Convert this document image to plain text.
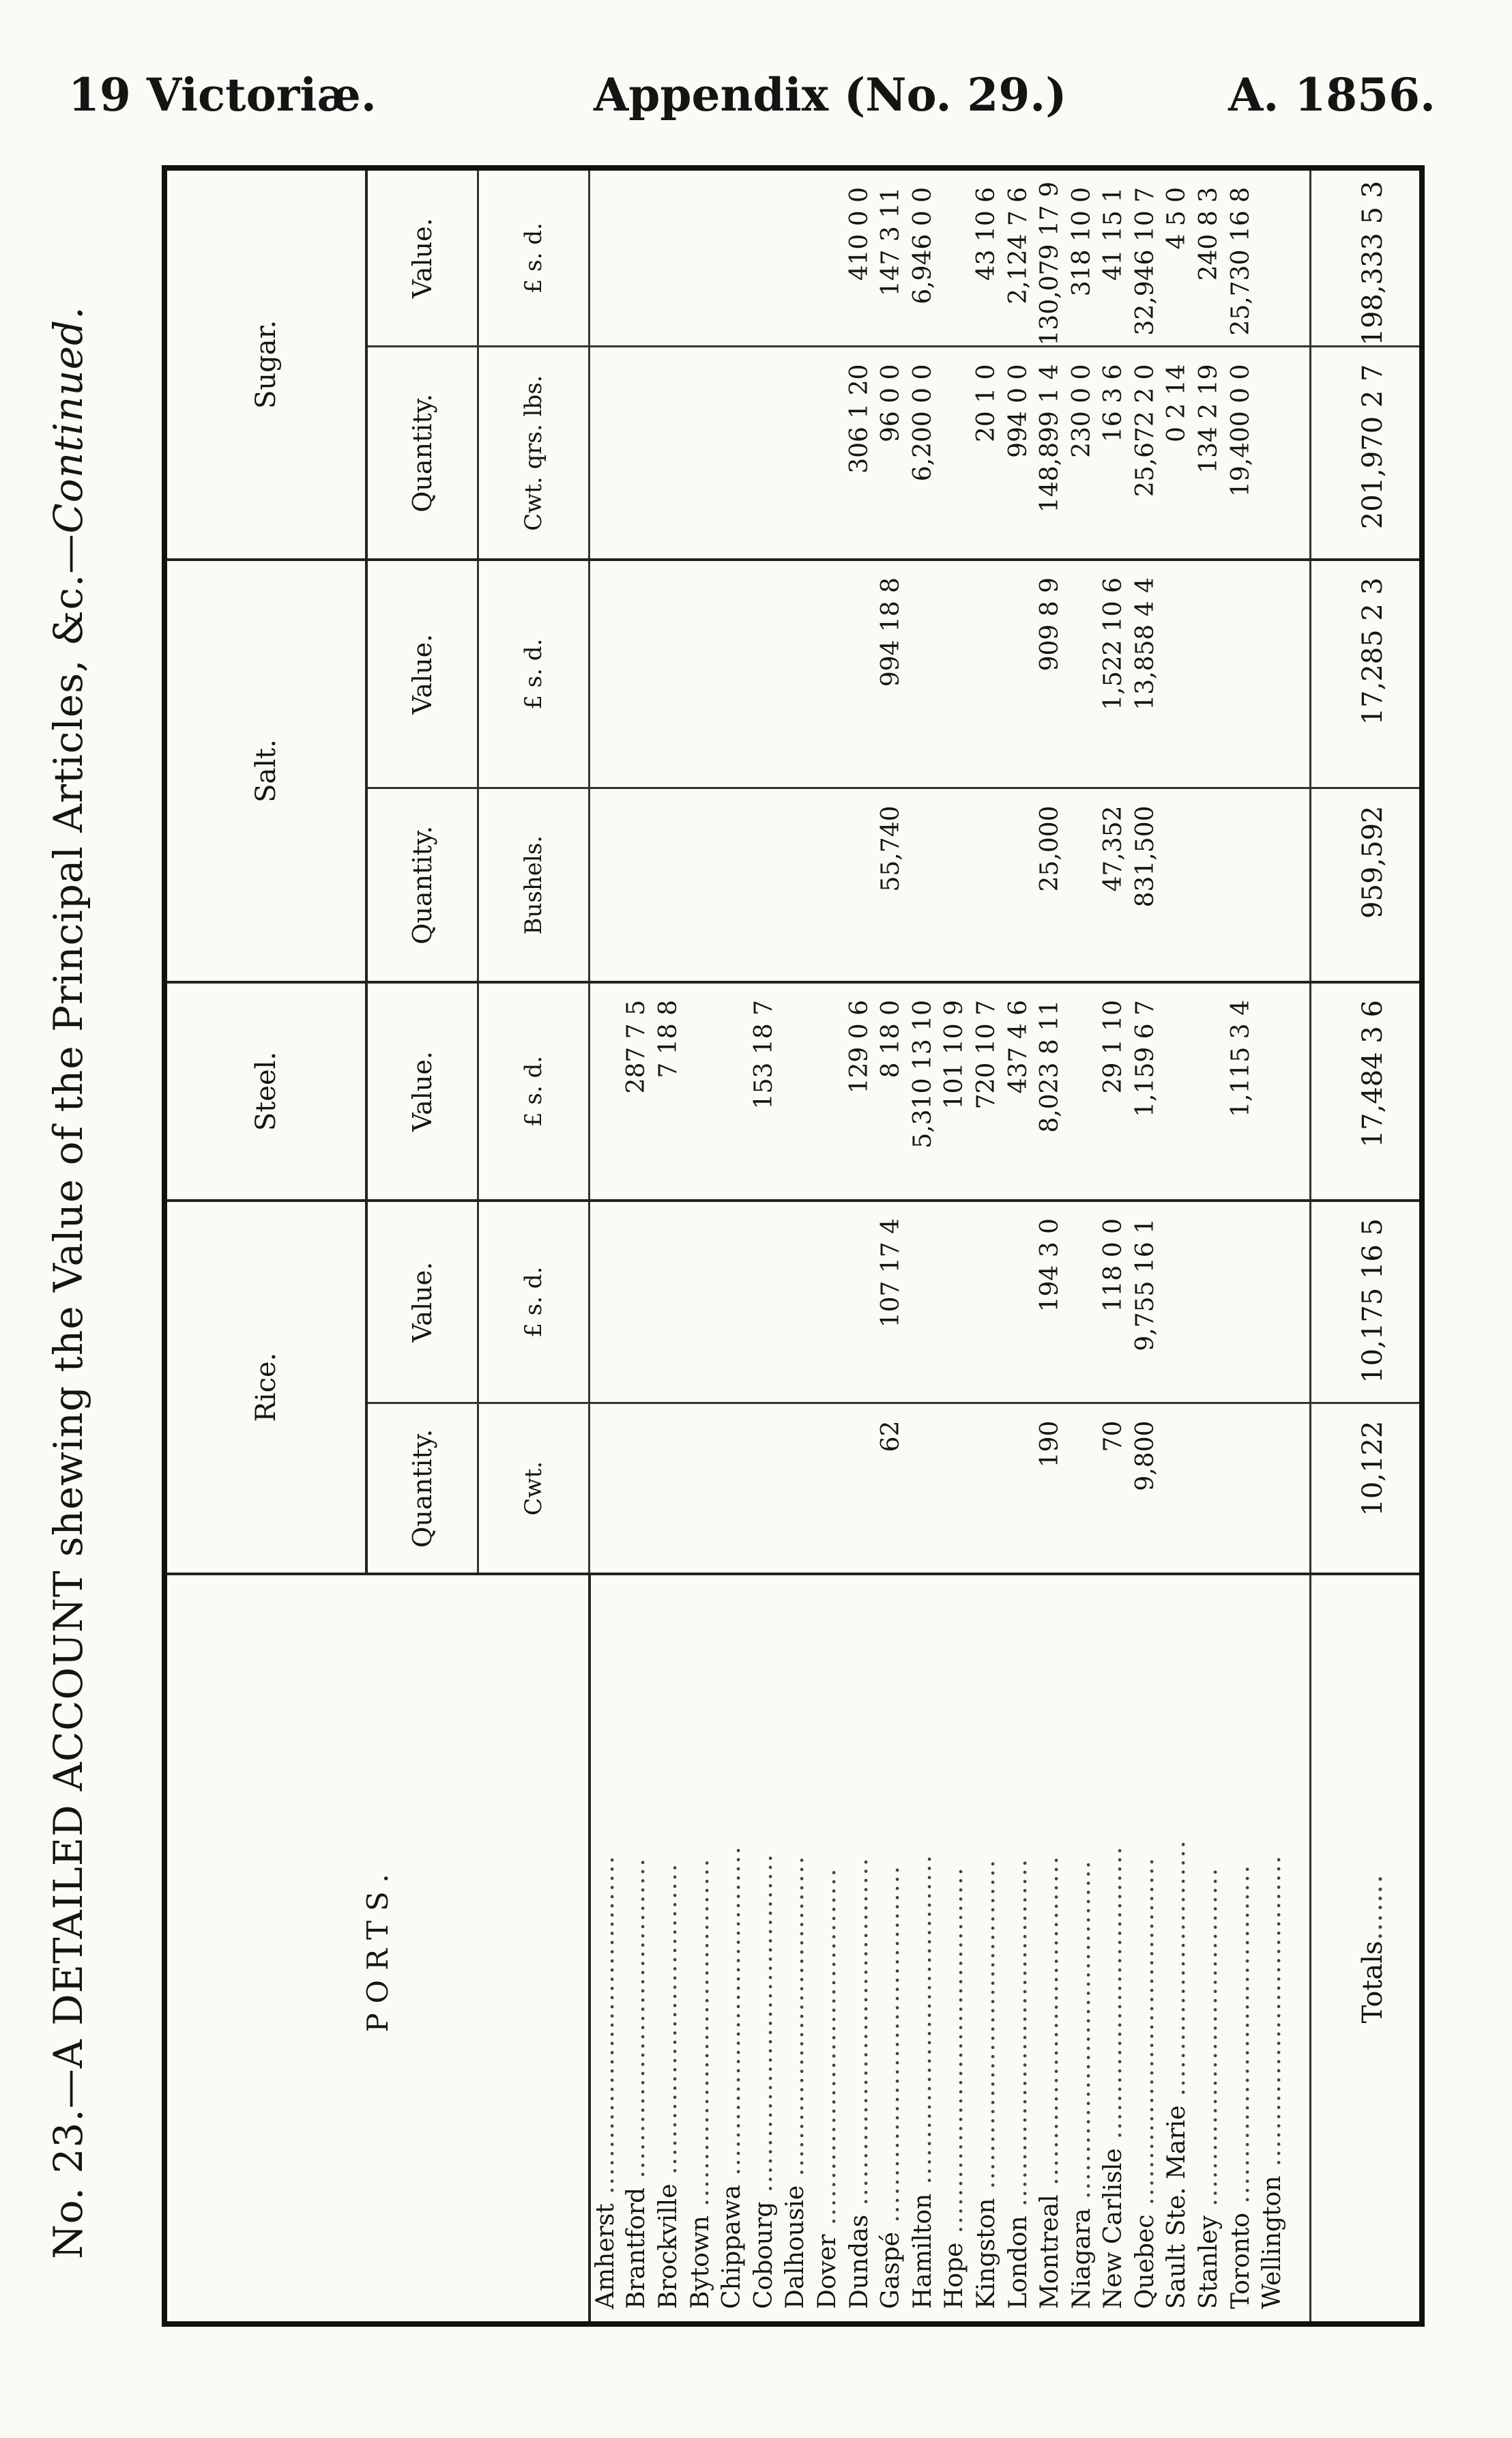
19 Victoriæ.	Appendix (No. 29.)	A. 1856.
No. 23.—A DETAILED ACCOUNT shewing the Value of the Principal Articles, &c.—Continued.
PORTS.	Rice.		Steel.	Salt.		Sugar.	
	Quantity.	Value.	Value.	Quantity.	Value.	Quantity.	Value.
	Cwt.	£ s. d.	£ s. d.	Bushels.	£ s. d.	Cwt. qrs. lbs.	£ s. d.
Amherst .....................................							
Brantford ...................................			287 7 5				
Brockville ..................................			7 18 8				
Bytown ......................................							
Chippawa ....................................							
Cobourg .....................................			153 18 7				
Dalhousie ...................................							
Dover .......................................							
Dundas ......................................			129 0 6			306 1 20	410 0 0
Gaspé .......................................	62	107 17 4	8 18 0	55,740	994 18 8	96 0 0	147 3 11
Hamilton ....................................			5,310 13 10			6,200 0 0	6,946 0 0
Hope ........................................			101 10 9				
Kingston ....................................			720 10 7			20 1 0	43 10 6
London ......................................			437 4 6			994 0 0	2,124 7 6
Montreal ....................................	190	194 3 0	8,023 8 11	25,000	909 8 9	148,899 1 4	130,079 17 9
Niagara .....................................						230 0 0	318 10 0
New Carlisle ................................	70	118 0 0	29 1 10	47,352	1,522 10 6	16 3 6	41 15 1
Quebec ......................................	9,800	9,755 16 1	1,159 6 7	831,500	13,858 4 4	25,672 2 0	32,946 10 7
Sault Ste. Marie ............................						0 2 14	4 5 0
Stanley .....................................						134 2 19	240 8 3
Toronto .....................................			1,115 3 4			19,400 0 0	25,730 16 8
Wellington ..................................							

Totals…….	10,122	10,175 16 5	17,484 3 6	959,592	17,285 2 3	201,970 2 7	198,333 5 3
